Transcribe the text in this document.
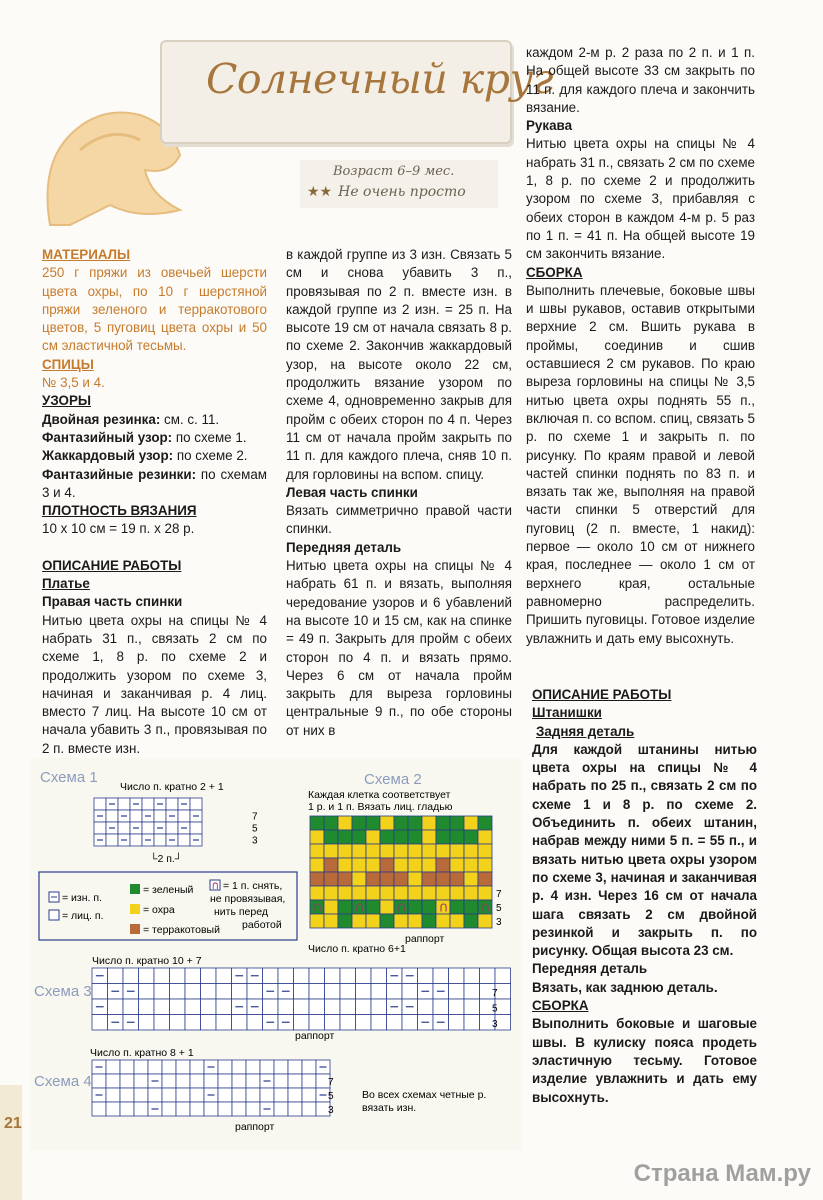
Солнечный круг
Возраст 6–9 мес.
★★ Не очень просто
МАТЕРИАЛЫ

250 г пряжи из овечьей шерсти цвета охры, по 10 г шерстяной пряжи зеленого и терракотового цветов, 5 пуговиц цвета охры и 50 см эластичной тесьмы.

СПИЦЫ
№ 3,5 и 4.
УЗОРЫ
Двойная резинка: см. с. 11.
Фантазийный узор: по схеме 1.
Жаккардовый узор: по схеме 2.

Фантазийные резинки: по схемам 3 и 4.

ПЛОТНОСТЬ ВЯЗАНИЯ
10 х 10 см = 19 п. х 28 р.
ОПИСАНИЕ РАБОТЫ
Платье
Правая часть спинки

Нитью цвета охры на спицы № 4 набрать 31 п., связать 2 см по схеме 1, 8 р. по схеме 2 и продолжить узором по схеме 3, начиная и заканчивая р. 4 лиц. вместо 7 лиц. На высоте 10 см от начала убавить 3 п., провязывая по 2 п. вместе изн.

в каждой группе из 3 изн. Связать 5 см и снова убавить 3 п., провязывая по 2 п. вместе изн. в каждой группе из 2 изн. = 25 п. На высоте 19 см от начала связать 8 р. по схеме 2. Закончив жаккардовый узор, на высоте около 22 см, продолжить вязание узором по схеме 4, одновременно закрыв для пройм с обеих сторон по 4 п. Через 11 см от начала пройм закрыть по 11 п. для каждого плеча, сняв 10 п. для горловины на вспом. спицу.

Левая часть спинки

Вязать симметрично правой части спинки.

Передняя деталь

Нитью цвета охры на спицы № 4 набрать 61 п. и вязать, выполняя чередование узоров и 6 убавлений на высоте 10 и 15 см, как на спинке = 49 п. Закрыть для пройм с обеих сторон по 4 п. и вязать прямо. Через 6 см от начала пройм закрыть для выреза горловины центральные 9 п., по обе стороны от них в

каждом 2-м р. 2 раза по 2 п. и 1 п. На общей высоте 33 см закрыть по 11 п. для каждого плеча и закончить вязание.

Рукава

Нитью цвета охры на спицы № 4 набрать 31 п., связать 2 см по схеме 1, 8 р. по схеме 2 и продолжить узором по схеме 3, прибавляя с обеих сторон в каждом 4-м р. 5 раз по 1 п. = 41 п. На общей высоте 19 см закончить вязание.

СБОРКА

Выполнить плечевые, боковые швы и швы рукавов, оставив открытыми верхние 2 см. Вшить рукава в проймы, соединив и сшив оставшиеся 2 см рукавов. По краю выреза горловины на спицы № 3,5 нитью цвета охры поднять 55 п., включая п. со вспом. спиц, связать 5 р. по схеме 1 и закрыть п. по рисунку. По краям правой и левой частей спинки поднять по 83 п. и вязать так же, выполняя на правой части спинки 5 отверстий для пуговиц (2 п. вместе, 1 накид): первое — около 10 см от нижнего края, последнее — около 1 см от верхнего края, остальные равномерно распределить. Пришить пуговицы. Готовое изделие увлажнить и дать ему высохнуть.

ОПИСАНИЕ РАБОТЫ
Штанишки
Задняя деталь

Для каждой штанины нитью цвета охры на спицы № 4 набрать по 25 п., связать 2 см по схеме 1 и 8 р. по схеме 2. Объединить п. обеих штанин, набрав между ними 5 п. = 55 п., и вязать нитью цвета охры узором по схеме 3, начиная и заканчивая р. 4 изн. Через 16 см от начала шага связать 2 см двойной резинкой и закрыть п. по рисунку. Общая высота 23 см.

Передняя деталь

Вязать, как заднюю деталь.

СБОРКА

Выполнить боковые и шаговые швы. В кулиску пояса продеть эластичную тесьму. Готовое изделие увлажнить и дать ему высохнуть.

Схема 1
Число п. кратно 2 + 1
3
5
7
└2 п.┘
Схема 2
Каждая клетка соответствует
1 р. и 1 п. Вязать лиц. гладью
ᑎ	ᑎ	ᑎ	ᑎ	ᑎ
3
5
7
раппорт
Число п. кратно 6+1
= изн. п.
= лиц. п.
= зеленый
= охра
= терракотовый
ᑎ = 1 п. снять,
не провязывая,
нить перед
работой
Число п. кратно 10 + 7
Схема 3
3
5
7
раппорт
Число п. кратно 8 + 1
Схема 4
3
5
7
раппорт
Во всех схемах четные р.
вязать изн.
21
Страна Мам.ру
